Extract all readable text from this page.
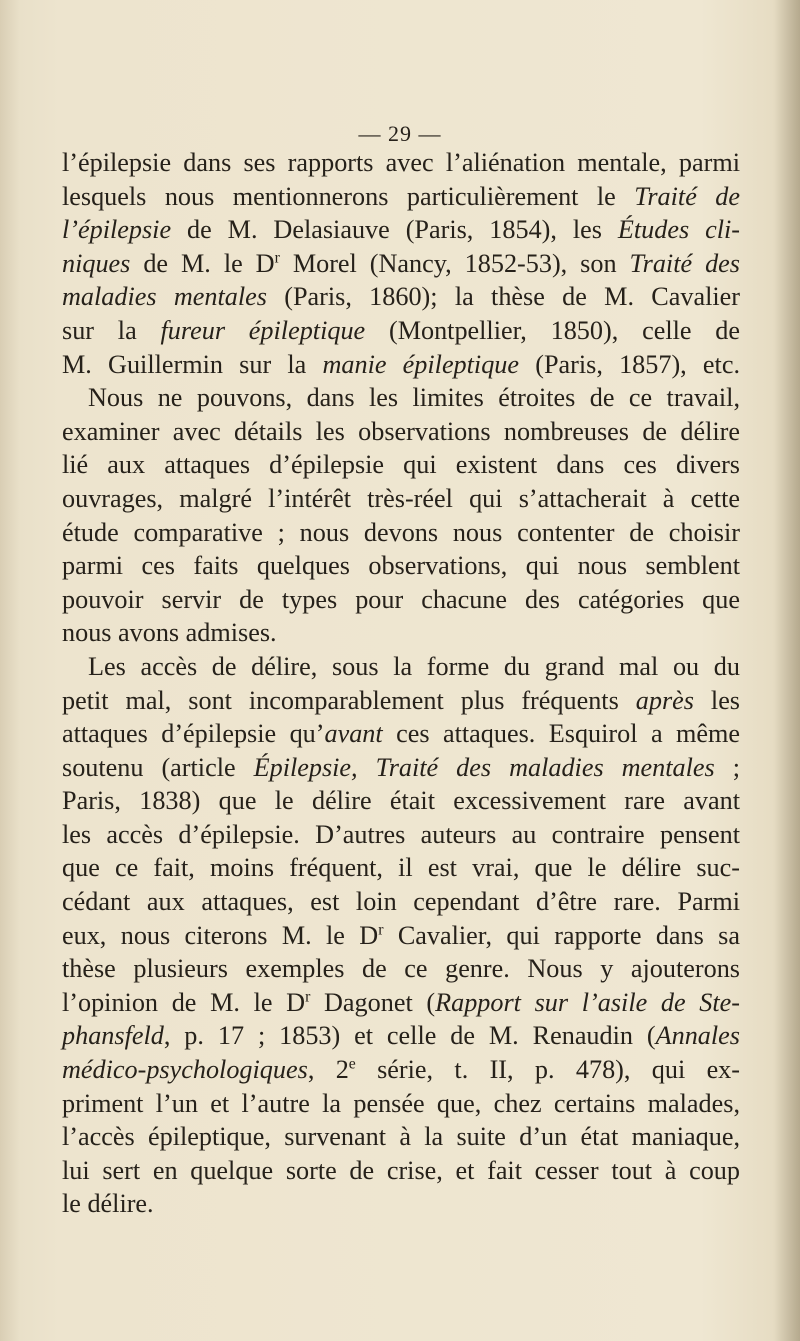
— 29 —
l’épilepsie dans ses rapports avec l’aliénation mentale, parmi
lesquels nous mentionnerons particulièrement le Traité de
l’épilepsie de M. Delasiauve (Paris, 1854), les Études cli-
niques de M. le $D^r$ Morel (Nancy, 1852-53), son Traité des
maladies mentales (Paris, 1860); la thèse de M. Cavalier
sur la fureur épileptique (Montpellier, 1850), celle de
M. Guillermin sur la manie épileptique (Paris, 1857), etc.
Nous ne pouvons, dans les limites étroites de ce travail,
examiner avec détails les observations nombreuses de délire
lié aux attaques d’épilepsie qui existent dans ces divers
ouvrages, malgré l’intérêt très-réel qui s’attacherait à cette
étude comparative ; nous devons nous contenter de choisir
parmi ces faits quelques observations, qui nous semblent
pouvoir servir de types pour chacune des catégories que
nous avons admises.
Les accès de délire, sous la forme du grand mal ou du
petit mal, sont incomparablement plus fréquents après les
attaques d’épilepsie qu’avant ces attaques. Esquirol a même
soutenu (article Épilepsie, Traité des maladies mentales ;
Paris, 1838) que le délire était excessivement rare avant
les accès d’épilepsie. D’autres auteurs au contraire pensent
que ce fait, moins fréquent, il est vrai, que le délire suc-
cédant aux attaques, est loin cependant d’être rare. Parmi
eux, nous citerons M. le $D^r$ Cavalier, qui rapporte dans sa
thèse plusieurs exemples de ce genre. Nous y ajouterons
l’opinion de M. le $D^r$ Dagonet (Rapport sur l’asile de Ste-
phansfeld, p. 17 ; 1853) et celle de M. Renaudin (Annales
médico-psychologiques, 2e série, t. II, p. 478), qui ex-
priment l’un et l’autre la pensée que, chez certains malades,
l’accès épileptique, survenant à la suite d’un état maniaque,
lui sert en quelque sorte de crise, et fait cesser tout à coup
le délire.
